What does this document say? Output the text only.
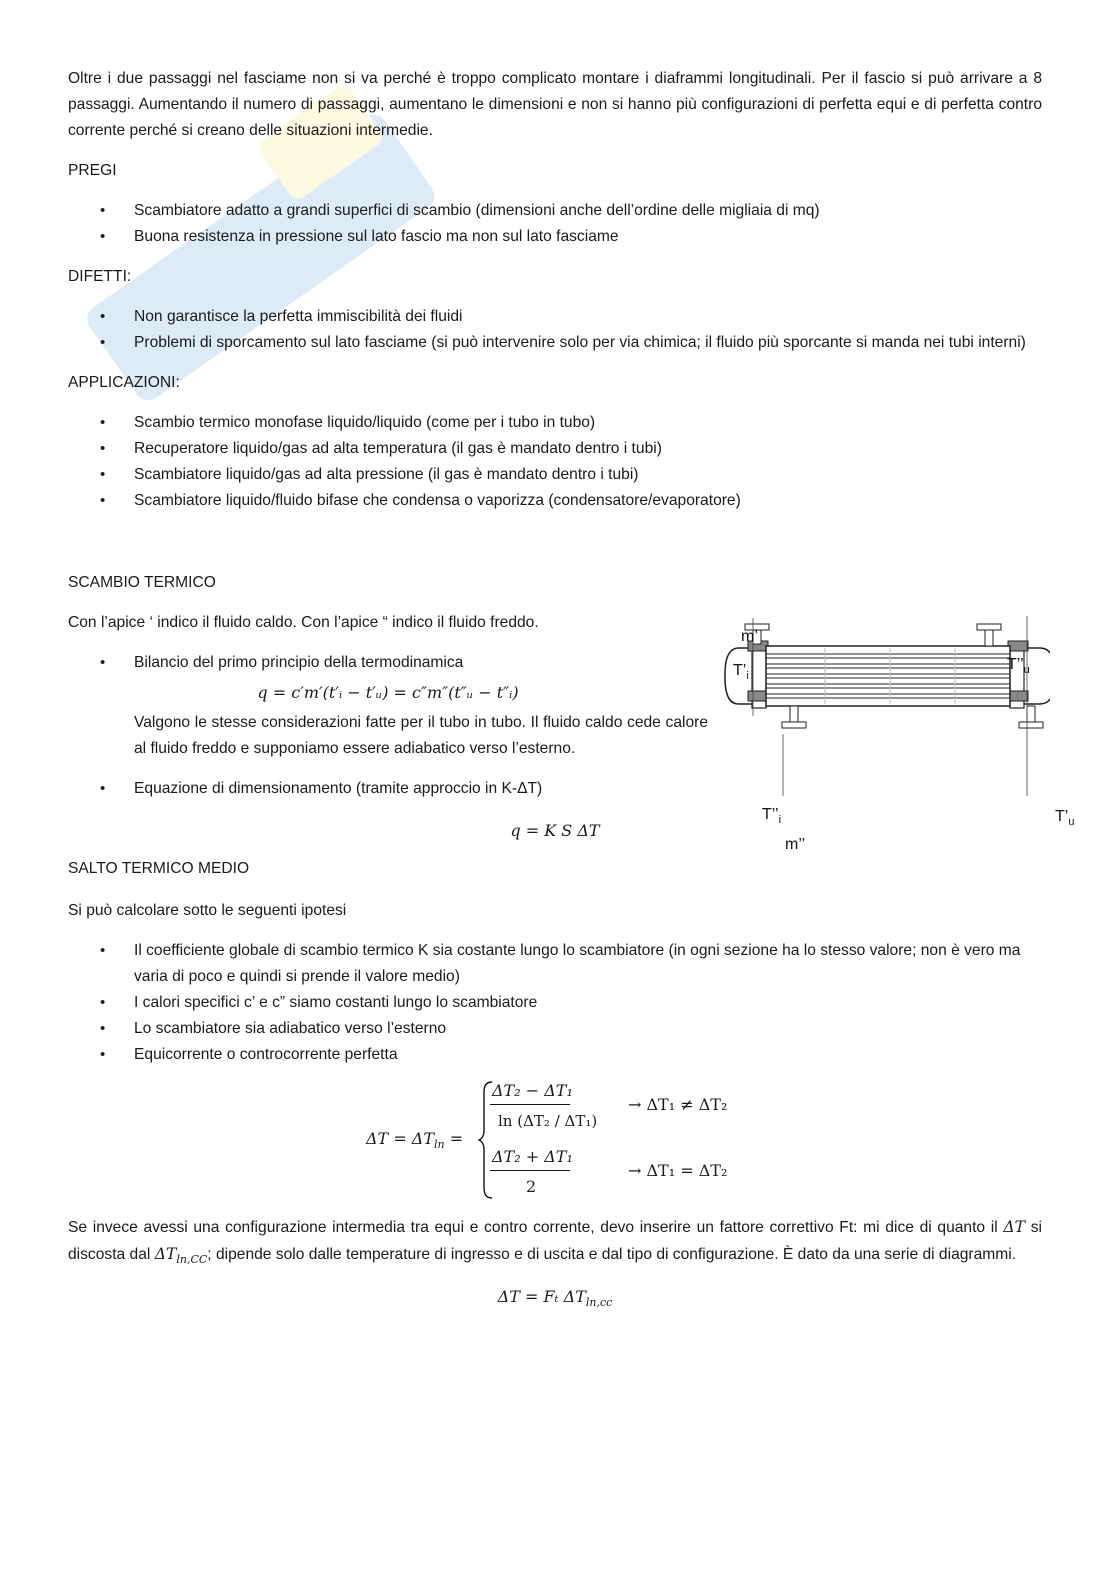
Oltre i due passaggi nel fasciame non si va perché è troppo complicato montare i diaframmi longitudinali. Per il fascio si può arrivare a 8 passaggi. Aumentando il numero di passaggi, aumentano le dimensioni e non si hanno più configurazioni di perfetta equi e di perfetta contro corrente perché si creano delle situazioni intermedie.

PREGI

• Scambiatore adatto a grandi superfici di scambio (dimensioni anche dell’ordine delle migliaia di mq)
• Buona resistenza in pressione sul lato fascio ma non sul lato fasciame

DIFETTI:

• Non garantisce la perfetta immiscibilità dei fluidi
• Problemi di sporcamento sul lato fasciame (si può intervenire solo per via chimica; il fluido più sporcante si manda nei tubi interni)

APPLICAZIONI:

• Scambio termico monofase liquido/liquido (come per i tubo in tubo)
• Recuperatore liquido/gas ad alta temperatura (il gas è mandato dentro i tubi)
• Scambiatore liquido/gas ad alta pressione (il gas è mandato dentro i tubi)
• Scambiatore liquido/fluido bifase che condensa o vaporizza (condensatore/evaporatore)

SCAMBIO TERMICO

Con l’apice ‘ indico il fluido caldo. Con l’apice “ indico il fluido freddo.

• Bilancio del primo principio della termodinamica

q = c′m′(t′ᵢ − t′ᵤ) = c″m″(t″ᵤ − t″ᵢ)

Valgono le stesse considerazioni fatte per il tubo in tubo. Il fluido caldo cede calore al fluido freddo e supponiamo essere adiabatico verso l’esterno.

• Equazione di dimensionamento (tramite approccio in K-ΔT)

q = K S ΔT

SALTO TERMICO MEDIO

Si può calcolare sotto le seguenti ipotesi

• Il coefficiente globale di scambio termico K sia costante lungo lo scambiatore (in ogni sezione ha lo stesso valore; non è vero ma varia di poco e quindi si prende il valore medio)
• I calori specifici c’ e c” siamo costanti lungo lo scambiatore
• Lo scambiatore sia adiabatico verso l’esterno
• Equicorrente o controcorrente perfetta
$\Delta T = \Delta T_{ln}$ =
ΔT₂ − ΔT₁
ln (ΔT₂ / ΔT₁)
→ ΔT₁ ≠ ΔT₂
ΔT₂ + ΔT₁
2
→ ΔT₁ = ΔT₂

Se invece avessi una configurazione intermedia tra equi e contro corrente, devo inserire un fattore correttivo Ft: mi dice di quanto il ΔT si discosta dal $\Delta T_{ln,CC}$; dipende solo dalle temperature di ingresso e di uscita e dal tipo di configurazione. È dato da una serie di diagrammi.

ΔT = Fₜ $\Delta T_{ln,cc}$

m’
$T’_i$
$T’’_u$
$T’’_i$	$T’_u$
m’’
